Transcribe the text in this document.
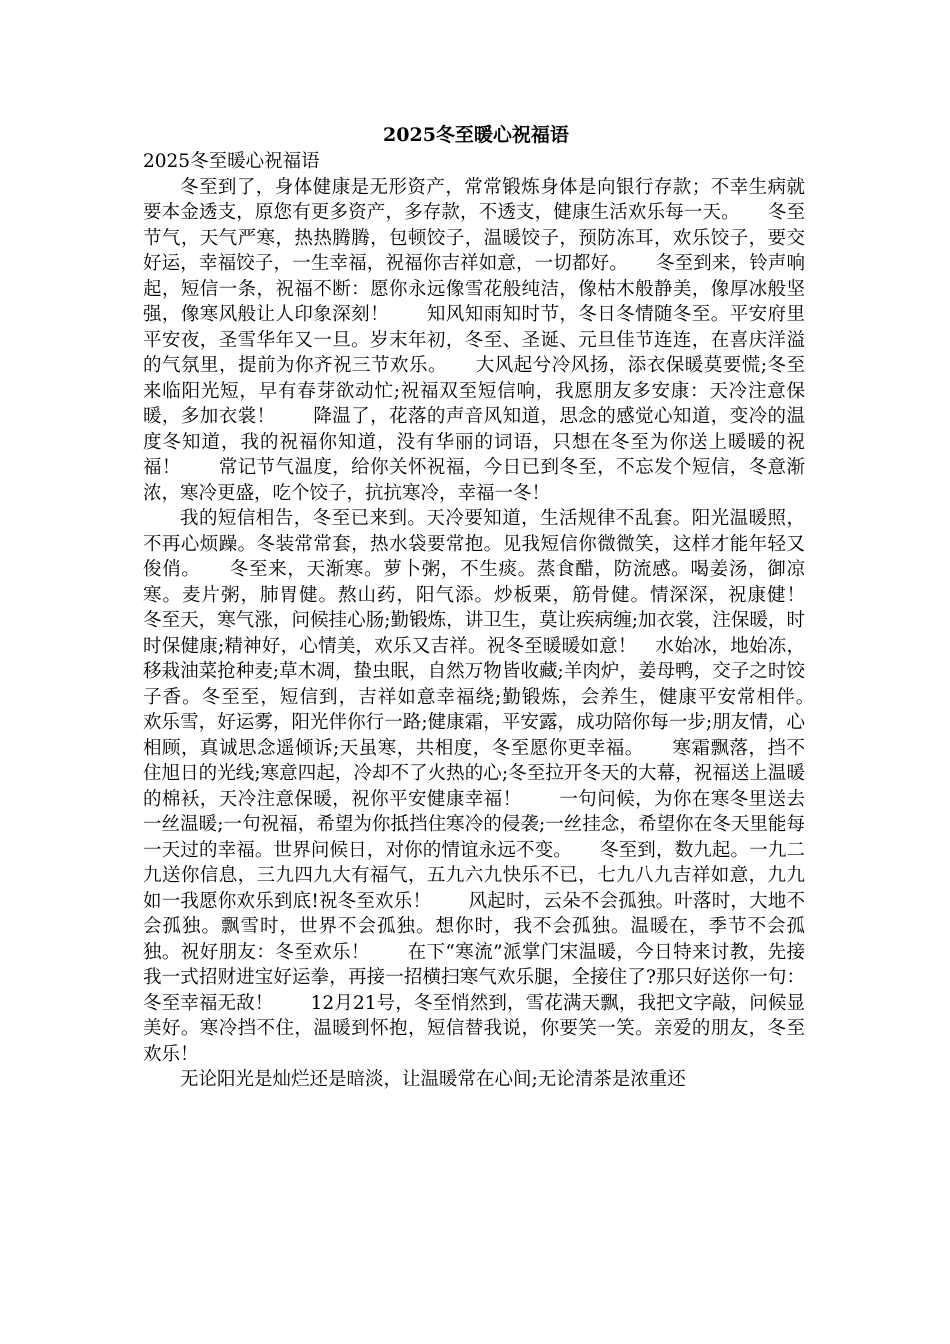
2025冬至暖心祝福语

2025冬至暖心祝福语

冬至到了，身体健康是无形资产，常常锻炼身体是向银行存款；不幸生病就要本金透支，原您有更多资产，多存款，不透支，健康生活欢乐每一天。　　冬至节气，天气严寒，热热腾腾，包顿饺子，温暖饺子，预防冻耳，欢乐饺子，要交好运，幸福饺子，一生幸福，祝福你吉祥如意，一切都好。　　冬至到来，铃声响起，短信一条，祝福不断：愿你永远像雪花般纯洁，像枯木般静美，像厚冰般坚强，像寒风般让人印象深刻！　　知风知雨知时节，冬日冬情随冬至。平安府里平安夜，圣雪华年又一旦。岁末年初，冬至、圣诞、元旦佳节连连，在喜庆洋溢的气氛里，提前为你齐祝三节欢乐。　　大风起兮冷风扬，添衣保暖莫要慌;冬至来临阳光短，早有春芽欲动忙;祝福双至短信响，我愿朋友多安康：天冷注意保暖，多加衣裳！　　降温了，花落的声音风知道，思念的感觉心知道，变冷的温度冬知道，我的祝福你知道，没有华丽的词语，只想在冬至为你送上暖暖的祝福！　　常记节气温度，给你关怀祝福，今日已到冬至，不忘发个短信，冬意渐浓，寒冷更盛，吃个饺子，抗抗寒冷，幸福一冬！

我的短信相告，冬至已来到。天冷要知道，生活规律不乱套。阳光温暖照，不再心烦躁。冬装常常套，热水袋要常抱。见我短信你微微笑，这样才能年轻又俊俏。　　冬至来，天渐寒。萝卜粥，不生痰。蒸食醋，防流感。喝姜汤，御凉寒。麦片粥，肺胃健。熬山药，阳气添。炒板栗，筋骨健。情深深，祝康健！　　冬至天，寒气涨，问候挂心肠;勤锻炼，讲卫生，莫让疾病缠;加衣裳，注保暖，时时保健康;精神好，心情美，欢乐又吉祥。祝冬至暖暖如意！　水始冰，地始冻，移栽油菜抢种麦;草木凋，蛰虫眠，自然万物皆收藏;羊肉炉，姜母鸭，交子之时饺子香。冬至至，短信到，吉祥如意幸福绕;勤锻炼，会养生，健康平安常相伴。　　欢乐雪，好运雾，阳光伴你行一路;健康霜，平安露，成功陪你每一步;朋友情，心相顾，真诚思念遥倾诉;天虽寒，共相度，冬至愿你更幸福。　　寒霜飘落，挡不住旭日的光线;寒意四起，冷却不了火热的心;冬至拉开冬天的大幕，祝福送上温暖的棉袄，天冷注意保暖，祝你平安健康幸福！　　一句问候，为你在寒冬里送去一丝温暖;一句祝福，希望为你抵挡住寒冷的侵袭;一丝挂念，希望你在冬天里能每一天过的幸福。世界问候日，对你的情谊永远不变。　　冬至到，数九起。一九二九送你信息，三九四九大有福气，五九六九快乐不已，七九八九吉祥如意，九九如一我愿你欢乐到底!祝冬至欢乐！　　风起时，云朵不会孤独。叶落时，大地不会孤独。飘雪时，世界不会孤独。想你时，我不会孤独。温暖在，季节不会孤独。祝好朋友：冬至欢乐！　　在下“寒流”派掌门宋温暖，今日特来讨教，先接我一式招财进宝好运拳，再接一招横扫寒气欢乐腿，全接住了?那只好送你一句：冬至幸福无敌！　　12月21号，冬至悄然到，雪花满天飘，我把文字敲，问候显美好。寒冷挡不住，温暖到怀抱，短信替我说，你要笑一笑。亲爱的朋友，冬至欢乐！

无论阳光是灿烂还是暗淡，让温暖常在心间;无论清茶是浓重还
